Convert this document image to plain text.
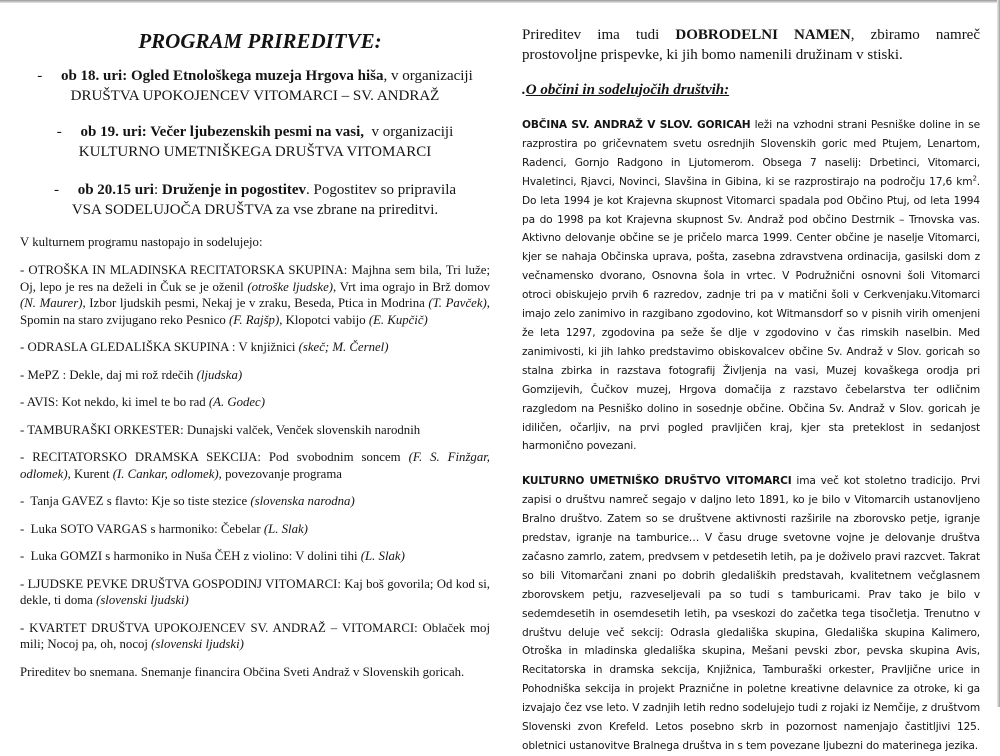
PROGRAM PRIREDITVE:
- ob 18. uri: Ogled Etnološkega muzeja Hrgova hiša, v organizaciji
DRUŠTVA UPOKOJENCEV VITOMARCI – SV. ANDRAŽ
- ob 19. uri: Večer ljubezenskih pesmi na vasi,  v organizaciji
KULTURNO UMETNIŠKEGA DRUŠTVA VITOMARCI
- ob 20.15 uri: Druženje in pogostitev. Pogostitev so pripravila
VSA SODELUJOČA DRUŠTVA za vse zbrane na prireditvi.
V kulturnem programu nastopajo in sodelujejo:
- OTROŠKA IN MLADINSKA RECITATORSKA SKUPINA: Majhna sem bila, Tri luže; Oj, lepo je res na deželi in Čuk se je oženil (otroške ljudske), Vrt ima ograjo in Brž domov (N. Maurer), Izbor ljudskih pesmi, Nekaj je v zraku, Beseda, Ptica in Modrina (T. Pavček), Spomin na staro zvijugano reko Pesnico (F. Rajšp), Klopotci vabijo (E. Kupčič)
- ODRASLA GLEDALIŠKA SKUPINA : V knjižnici (skeč; M. Černel)
- MePZ : Dekle, daj mi rož rdečih (ljudska)
- AVIS: Kot nekdo, ki imel te bo rad (A. Godec)
- TAMBURAŠKI ORKESTER: Dunajski valček, Venček slovenskih narodnih
- RECITATORSKO DRAMSKA SEKCIJA: Pod svobodnim soncem (F. S. Finžgar, odlomek), Kurent (I. Cankar, odlomek), povezovanje programa
-  Tanja GAVEZ s flavto: Kje so tiste stezice (slovenska narodna)
-  Luka SOTO VARGAS s harmoniko: Čebelar (L. Slak)
-  Luka GOMZI s harmoniko in Nuša ČEH z violino: V dolini tihi (L. Slak)
- LJUDSKE PEVKE DRUŠTVA GOSPODINJ VITOMARCI: Kaj boš govorila; Od kod si, dekle, ti doma (slovenski ljudski)
- KVARTET DRUŠTVA UPOKOJENCEV SV. ANDRAŽ – VITOMARCI: Oblaček moj mili; Nocoj pa, oh, nocoj (slovenski ljudski)
Prireditev bo snemana. Snemanje financira Občina Sveti Andraž v Slovenskih goricah.
Prireditev ima tudi DOBRODELNI NAMEN, zbiramo namreč prostovoljne prispevke, ki jih bomo namenili družinam v stiski.
.O občini in sodelujočih društvih:
OBČINA SV. ANDRAŽ V SLOV. GORICAH leži na vzhodni strani Pesniške doline in se razprostira po gričevnatem svetu osrednjih Slovenskih goric med Ptujem, Lenartom, Radenci, Gornjo Radgono in Ljutomerom. Obsega 7 naselij: Drbetinci, Vitomarci, Hvaletinci, Rjavci, Novinci, Slavšina in Gibina, ki se razprostirajo na področju 17,6 $km^2$. Do leta 1994 je kot Krajevna skupnost Vitomarci spadala pod Občino Ptuj, od leta 1994 pa do 1998 pa kot Krajevna skupnost Sv. Andraž pod občino Destrnik – Trnovska vas. Aktivno delovanje občine se je pričelo marca 1999. Center občine je naselje Vitomarci, kjer se nahaja Občinska uprava, pošta, zasebna zdravstvena ordinacija, gasilski dom z večnamensko dvorano, Osnovna šola in vrtec. V Podružnični osnovni šoli Vitomarci otroci obiskujejo prvih 6 razredov, zadnje tri pa v matični šoli v Cerkvenjaku.Vitomarci imajo zelo zanimivo in razgibano zgodovino, kot Witmansdorf so v pisnih virih omenjeni že leta 1297, zgodovina pa seže še dlje v zgodovino v čas rimskih naselbin. Med zanimivosti, ki jih lahko predstavimo obiskovalcev občine Sv. Andraž v Slov. goricah so stalna zbirka in razstava fotografij Življenja na vasi, Muzej kovaškega orodja pri Gomzijevih, Čučkov muzej, Hrgova domačija z razstavo čebelarstva ter odličnim razgledom na Pesniško dolino in sosednje občine. Občina Sv. Andraž v Slov. goricah je idiličen, očarljiv, na prvi pogled pravljičen kraj, kjer sta preteklost in sedanjost harmonično povezani.
KULTURNO UMETNIŠKO DRUŠTVO VITOMARCI ima več kot stoletno tradicijo. Prvi zapisi o društvu namreč segajo v daljno leto 1891, ko je bilo v Vitomarcih ustanovljeno Bralno društvo. Zatem so se društvene aktivnosti razširile na zborovsko petje, igranje predstav, igranje na tamburice… V času druge svetovne vojne je delovanje društva začasno zamrlo, zatem, predvsem v petdesetih letih, pa je doživelo pravi razcvet. Takrat so bili Vitomarčani znani po dobrih gledaliških predstavah, kvalitetnem večglasnem zborovskem petju, razveseljevali pa so tudi s tamburicami. Prav tako je bilo v sedemdesetih in osemdesetih letih, pa vseskozi do začetka tega tisočletja. Trenutno v društvu deluje več sekcij: Odrasla gledališka skupina, Gledališka skupina Kalimero, Otroška in mladinska gledališka skupina, Mešani pevski zbor, pevska skupina Avis, Recitatorska in dramska sekcija, Knjižnica, Tamburaški orkester, Pravljične urice in Pohodniška sekcija in projekt Praznične in poletne kreativne delavnice za otroke, ki ga izvajajo čez vse leto. V zadnjih letih redno sodelujejo tudi z rojaki iz Nemčije, z društvom Slovenski zvon Krefeld. Letos posebno skrb in pozornost namenjajo častitljivi 125. obletnici ustanovitve Bralnega društva in s tem povezane ljubezni do materinega jezika.
